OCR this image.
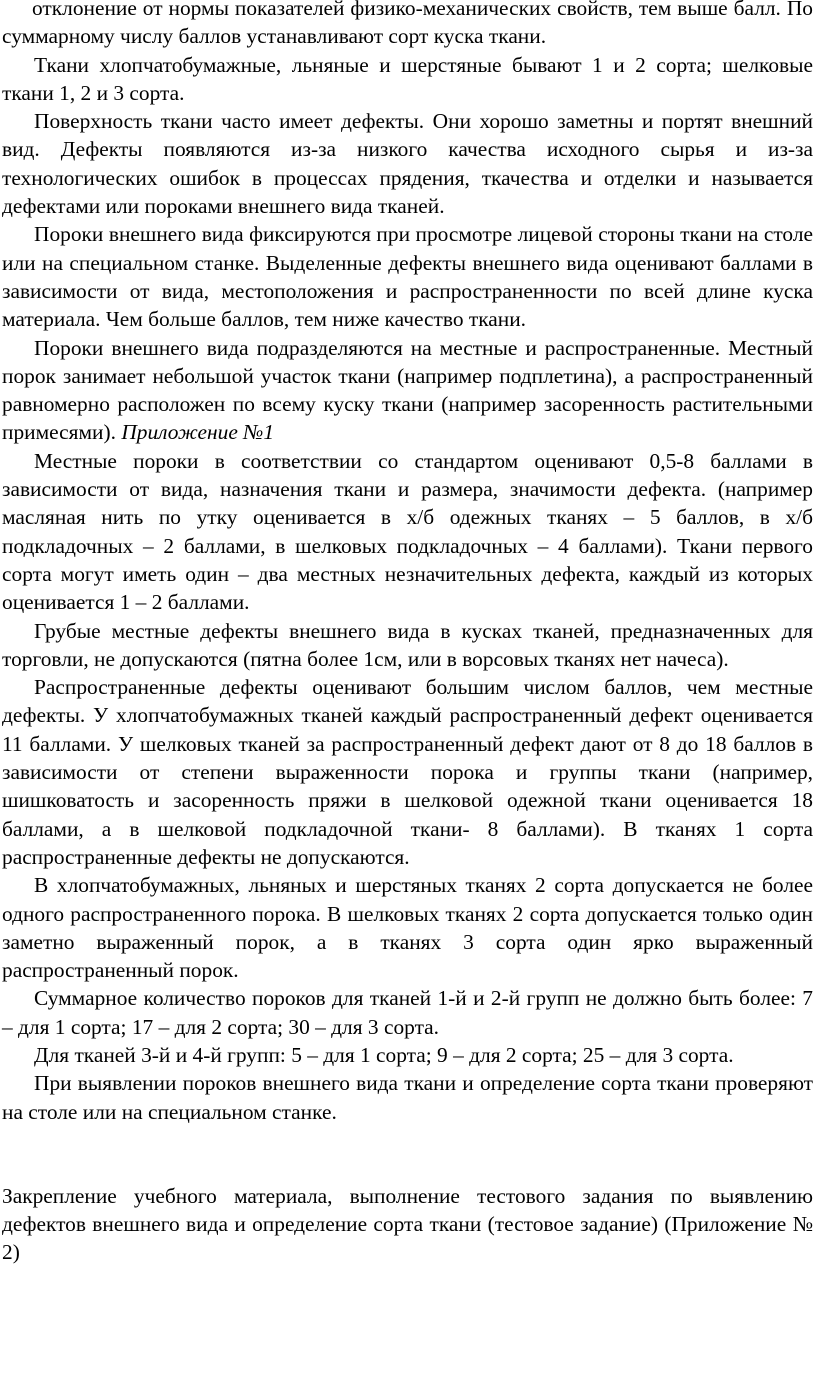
отклонение от нормы показателей физико-механических свойств, тем выше балл. По суммарному числу баллов устанавливают сорт куска ткани.

Ткани хлопчатобумажные, льняные и шерстяные бывают 1 и 2 сорта; шелковые ткани 1, 2 и 3 сорта.

Поверхность ткани часто имеет дефекты. Они хорошо заметны и портят внешний вид. Дефекты появляются из-за низкого качества исходного сырья и из-за технологических ошибок в процессах прядения, ткачества и отделки и называется дефектами или пороками внешнего вида тканей.

Пороки внешнего вида фиксируются при просмотре лицевой стороны ткани на столе или на специальном станке. Выделенные дефекты внешнего вида оценивают баллами в зависимости от вида, местоположения и распространенности по всей длине куска материала. Чем больше баллов, тем ниже качество ткани.

Пороки внешнего вида подразделяются на местные и распространенные. Местный порок занимает небольшой участок ткани (например подплетина), а распространенный равномерно расположен по всему куску ткани (например засоренность растительными примесями). Приложение №1

Местные пороки в соответствии со стандартом оценивают 0,5-8 баллами в зависимости от вида, назначения ткани и размера, значимости дефекта. (например масляная нить по утку оценивается в х/б одежных тканях – 5 баллов, в х/б подкладочных – 2 баллами, в шелковых подкладочных – 4 баллами). Ткани первого сорта могут иметь один – два местных незначительных дефекта, каждый из которых оценивается 1 – 2 баллами.

Грубые местные дефекты внешнего вида в кусках тканей, предназначенных для торговли, не допускаются (пятна более 1см, или в ворсовых тканях нет начеса).

Распространенные дефекты оценивают большим числом баллов, чем местные дефекты. У хлопчатобумажных тканей каждый распространенный дефект оценивается 11 баллами. У шелковых тканей за распространенный дефект дают от 8 до 18 баллов в зависимости от степени выраженности порока и группы ткани (например, шишковатость и засоренность пряжи в шелковой одежной ткани оценивается 18 баллами, а в шелковой подкладочной ткани- 8 баллами). В тканях 1 сорта распространенные дефекты не допускаются.

В хлопчатобумажных, льняных и шерстяных тканях 2 сорта допускается не более одного распространенного порока. В шелковых тканях 2 сорта допускается только один заметно выраженный порок, а в тканях 3 сорта один ярко выраженный распространенный порок.

Суммарное количество пороков для тканей 1-й и 2-й групп не должно быть более: 7 – для 1 сорта; 17 – для 2 сорта; 30 – для 3 сорта.

Для тканей 3-й и 4-й групп: 5 – для 1 сорта; 9 – для 2 сорта; 25 – для 3 сорта.

При выявлении пороков внешнего вида ткани и определение сорта ткани проверяют на столе или на специальном станке.

Закрепление учебного материала, выполнение тестового задания по выявлению дефектов внешнего вида и определение сорта ткани (тестовое задание) (Приложение № 2)
